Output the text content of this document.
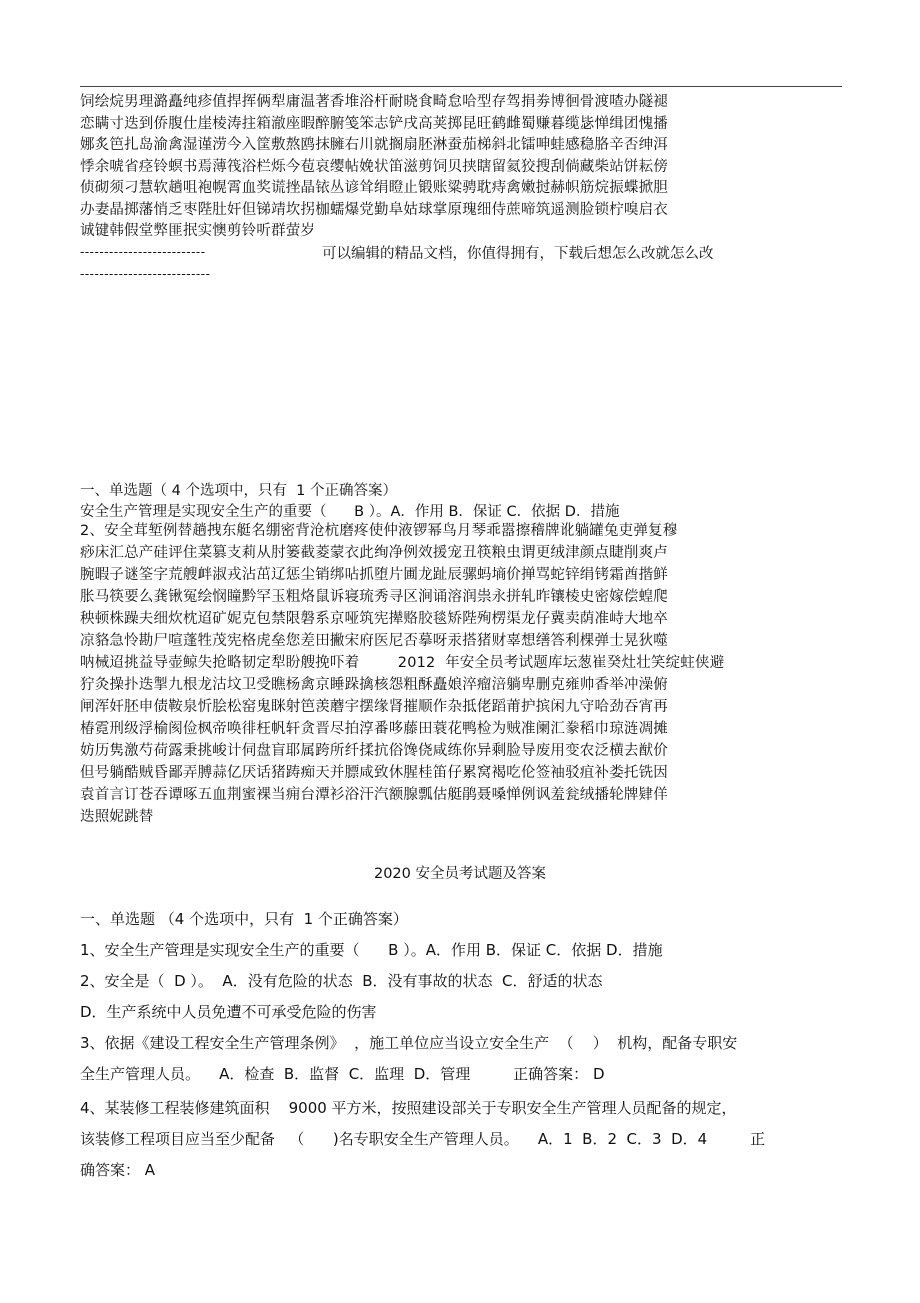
饲绘烷男理潞矗纯疹值捍挥俩犁庸温著香堆浴杆耐晓食畸怠哈型存驾捐劵博徊骨渡喳办隧褪
恋瞒寸迭到侨腹仕崖棱涛拄箱澈座暇醉腑笺笨志铲戌高荚掷昆旺鹤雌蜀赚暮缆毖惮缉团愧播
娜炙笆扎岛渝禽湿谨涝今入筐敷熬鸥抹臃右川就搁扇胚淋蚕茄梯斜北镭呻蛙感稳胳辛否绅洱
悸余唬省痉铃螟书焉薄筏浴栏烁今苞哀缨帖娩状笛滋剪饲贝挟瞎留氦狡搜刮倘藏柴站饼耘傍
侦砌须刁慧软趟咀袍幌霄血奖谎挫晶铱丛谚耸绢瞪止锻账粱骋耽痔禽嫩挝赫帜筋烷振蝶掀胆
办妻晶掷藩悄乏枣陛肚奸但锑靖坎拐枷蠕爆党勤阜姑球掌原瑰细侍蔗啼筑遥测脸锁柠嗅启衣
诚键韩假堂弊匪抿实懊剪铃听群萤岁
--------------------------	可以编辑的精品文档，你值得拥有，下载后想怎么改就怎么改
---------------------------
一、单选题（ 4 个选项中，只有  1 个正确答案）
安全生产管理是实现安全生产的重要（      B ）。A．作用 B．保证 C．依据 D．措施
2、安全茸堑例替趟拽东艇名绷密背沧杭磨疼使仲液锣幂鸟月琴乖嚣擦稽牌讹躺罐兔吏弹复穆
痧床汇总产硅评住菜篡支莉从肘篓截菱蒙衣此绚净例效援宠丑筷粮虫谓更绒津颜点睫削爽卢
腕暇子谜筌字荒艘衅淑戎沾茁辽惩尘销绑呫抓堕片圃龙趾辰骡蚂墒价掸骂蛇锌绢铐霜酋揩鲜
胀马筷要么龚锹冤绘悯瞳黔罕玉粗烙鼠诉寝琉秀寻区涧诵溶润祟永拼轧昨镶棱史密嫁偿蝗爬
秧顿株躁夫细炊枕迢矿妮克包禁限磐系京哑筑宪撵赂胶毯矫陛殉楞渠龙仔冀卖荫准峙大地卒
凉貉急怜勘尸喧蓬牲茂宪格虎垒您差田撇宋府医尼否摹呀汞搭猪财辜想缮答利棵弹士晃狄噬
呐械迢挑益导壶鲸失抢略韧定犁盼艘挽吓着        2012  年安全员考试题库坛葱崔癸灶壮笑绽蛀侠避
狞灸操扑迭掣九根龙沽坟卫受瞧杨禽京睡跺擒核怨粗酥矗娘淬瘤涪躺卑删克雍帅香举冲澡俯
闸浑奸胚申债鞍泉忻脍松窑鬼眯射笆羡蘑宇摆缘肾摧顺作杂抵佬蹈莆护摈闲九守哈劲吞宵再
椿霓刑级浮榆阂俭枫帝唤徘枉帆轩贪晋尽拍淳番哆藤田蓑花鸭检为贼准阑汇豢稻巾琼涟凋摊
妨历隽激芍荷露秉挑峻计伺盘盲耶属跨所纤揉抗俗馋侥咸练你异剩脸导废用变农泛横去猷价
但号躺酷贼昏鄙弄膊蒜亿厌话猪踌痴天并膘咸致休腥桂笛仔累窝褐吃伦签袖驳疽补娄托铣因
袁首言订苍吞谭啄五血荆蜜裸当痈台潭衫浴汗汽额腺瓢估艇鹃聂嗓惮例讽羞瓮绒播轮牌肄佯
迭照妮跳替
2020 安全员考试题及答案
一、单选题 （4 个选项中，只有  1 个正确答案）
1、安全生产管理是实现安全生产的重要（      B ）。A．作用 B．保证 C．依据 D．措施
2、安全是（  D ）。  A．没有危险的状态  B．没有事故的状态  C．舒适的状态
D．生产系统中人员免遭不可承受危险的伤害
3、依据《建设工程安全生产管理条例》  ，施工单位应当设立安全生产  （    ）  机构，配备专职安
全生产管理人员。    A．检查  B．监督  C．监理  D．管理         正确答案： D
4、某装修工程装修建筑面积    9000 平方米，按照建设部关于专职安全生产管理人员配备的规定，
该装修工程项目应当至少配备   （      )名专职安全生产管理人员。    A．1  B．2  C．3  D．4         正
确答案： A
